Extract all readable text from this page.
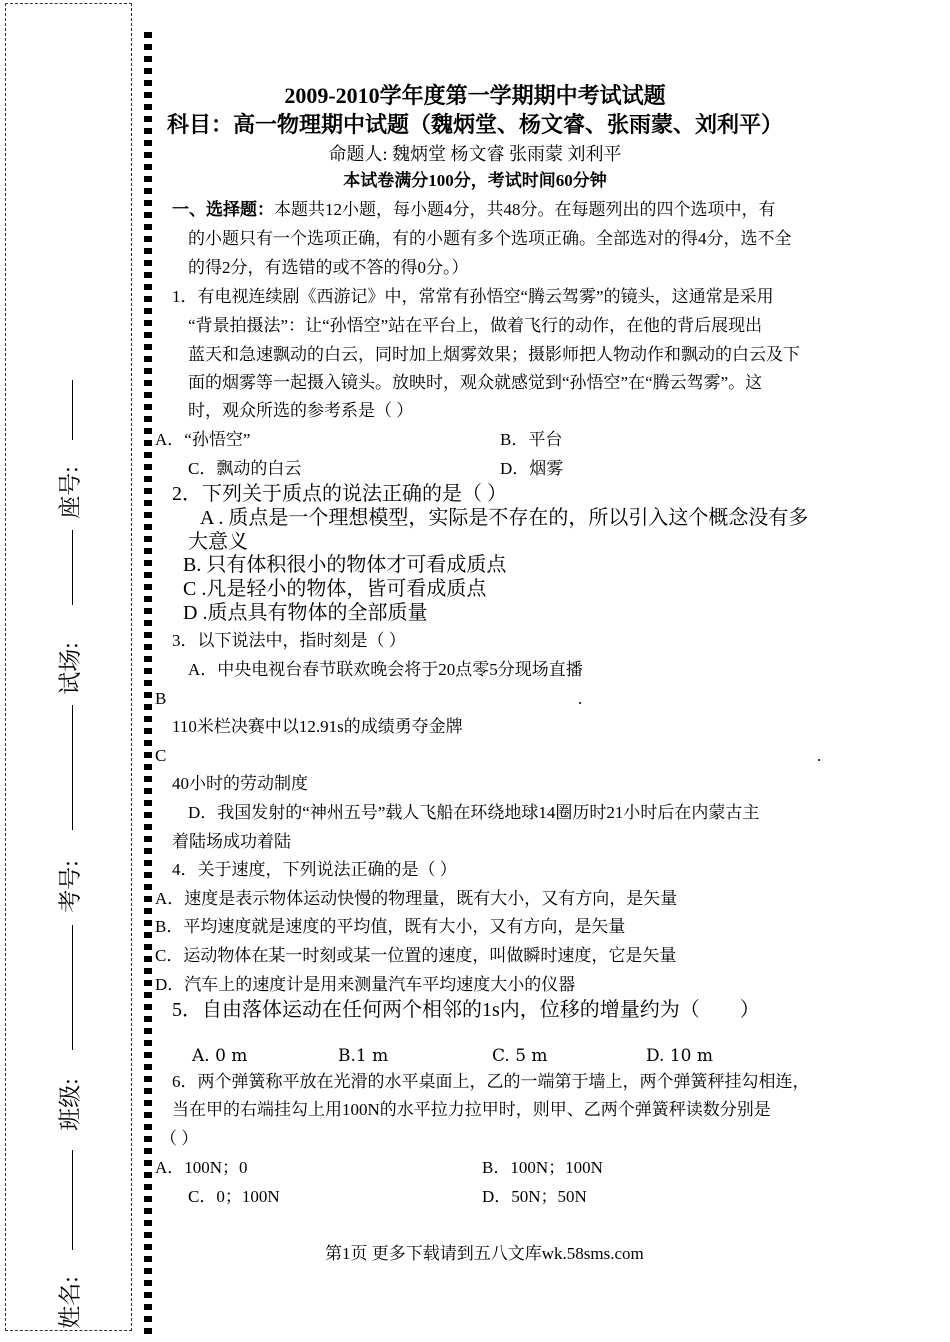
座号:
试场:
考号:
班级:
姓名:
2009-2010学年度第一学期期中考试试题
科目：高一物理期中试题（魏炳堂、杨文睿、张雨蒙、刘利平）
命题人: 魏炳堂 杨文睿 张雨蒙 刘利平
本试卷满分100分，考试时间60分钟
一、选择题：本题共12小题，每小题4分，共48分。在每题列出的四个选项中，有
的小题只有一个选项正确，有的小题有多个选项正确。全部选对的得4分，选不全
的得2分，有选错的或不答的得0分。）
1．有电视连续剧《西游记》中，常常有孙悟空“腾云驾雾”的镜头，这通常是采用
“背景拍摄法”：让“孙悟空”站在平台上，做着飞行的动作，在他的背后展现出
蓝天和急速飘动的白云，同时加上烟雾效果；摄影师把人物动作和飘动的白云及下
面的烟雾等一起摄入镜头。放映时，观众就感觉到“孙悟空”在“腾云驾雾”。这
时，观众所选的参考系是（ ）
A．“孙悟空”	B．平台
C．飘动的白云	D．烟雾
2．下列关于质点的说法正确的是（ ）
A . 质点是一个理想模型，实际是不存在的，所以引入这个概念没有多
大意义
B. 只有体积很小的物体才可看成质点
C .凡是轻小的物体，皆可看成质点
D .质点具有物体的全部质量
3．以下说法中，指时刻是（ ）
A．中央电视台春节联欢晚会将于20点零5分现场直播
B	.
110米栏决赛中以12.91s的成绩勇夺金牌
C	.
40小时的劳动制度
D．我国发射的“神州五号”载人飞船在环绕地球14圈历时21小时后在内蒙古主
着陆场成功着陆
4．关于速度，下列说法正确的是（ ）
A．速度是表示物体运动快慢的物理量，既有大小，又有方向，是矢量
B．平均速度就是速度的平均值，既有大小，又有方向，是矢量
C．运动物体在某一时刻或某一位置的速度，叫做瞬时速度，它是矢量
D．汽车上的速度计是用来测量汽车平均速度大小的仪器
5．自由落体运动在任何两个相邻的1s内，位移的增量约为（　　）
A. 0 m	B.1 m	C. 5 m	D. 10 m
6．两个弹簧称平放在光滑的水平桌面上，乙的一端第于墙上，两个弹簧秤挂勾相连，
当在甲的右端挂勾上用100N的水平拉力拉甲时，则甲、乙两个弹簧秤读数分别是
（ ）
A．100N；0	B．100N；100N
C．0；100N	D．50N；50N
第1页 更多下载请到五八文库wk.58sms.com
